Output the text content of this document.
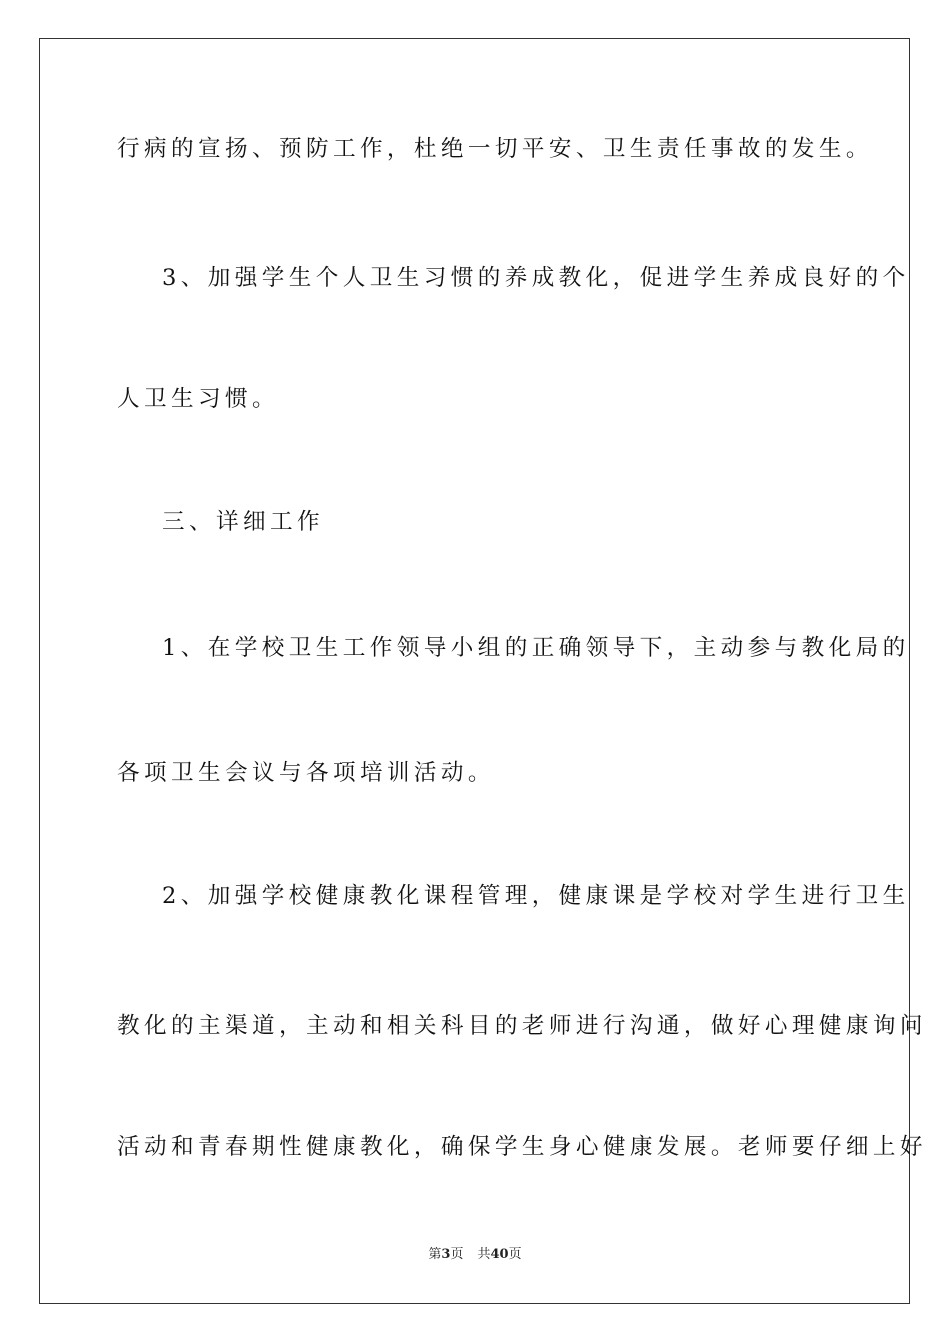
行病的宣扬、预防工作，杜绝一切平安、卫生责任事故的发生。
3、加强学生个人卫生习惯的养成教化，促进学生养成良好的个
人卫生习惯。
三、详细工作
1、在学校卫生工作领导小组的正确领导下，主动参与教化局的
各项卫生会议与各项培训活动。
2、加强学校健康教化课程管理，健康课是学校对学生进行卫生
教化的主渠道，主动和相关科目的老师进行沟通，做好心理健康询问
活动和青春期性健康教化，确保学生身心健康发展。老师要仔细上好
第3页 共40页
